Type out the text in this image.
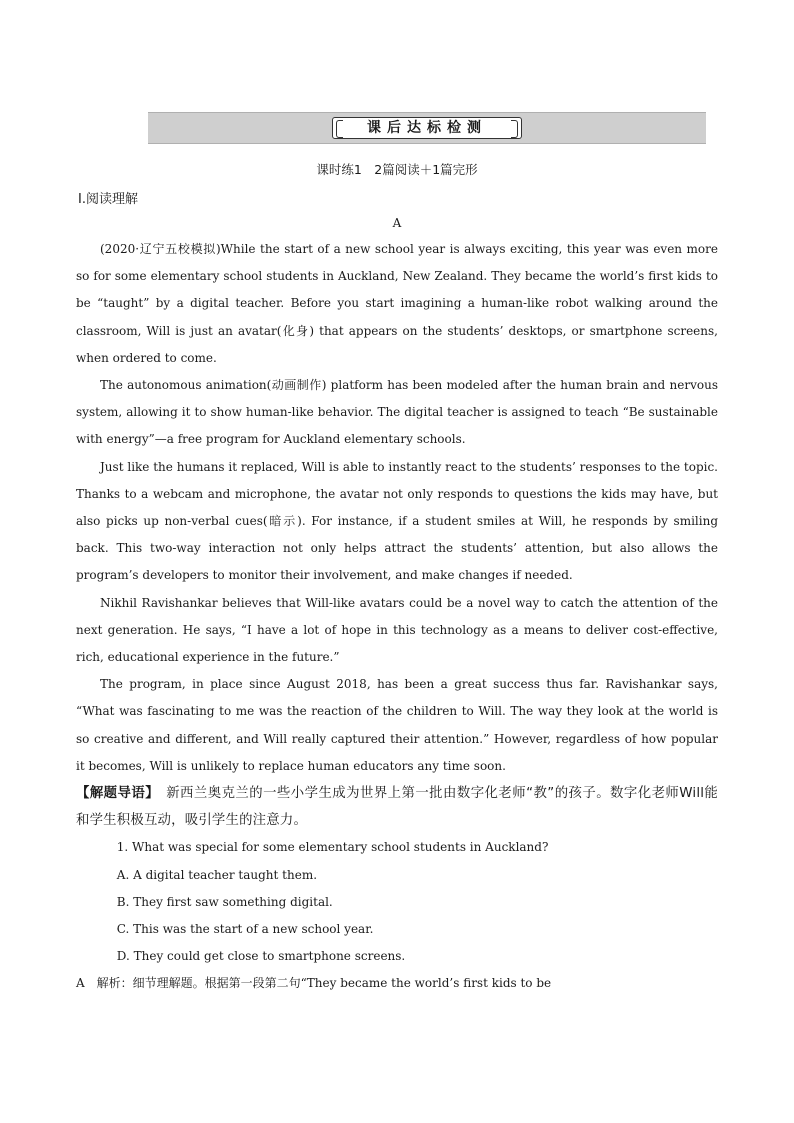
课后达标检测
课时练1　2篇阅读＋1篇完形
Ⅰ.阅读理解
A

(2020·辽宁五校模拟)While the start of a new school year is always exciting, this year was even more so for some elementary school students in Auckland, New Zealand. They became the world’s first kids to be “taught” by a digital teacher. Before you start imagining a human-like robot walking around the classroom, Will is just an avatar(化身) that appears on the students’ desktops, or smartphone screens, when ordered to come.

The autonomous animation(动画制作) platform has been modeled after the human brain and nervous system, allowing it to show human-like behavior. The digital teacher is assigned to teach “Be sustainable with energy”—a free program for Auckland elementary schools.

Just like the humans it replaced, Will is able to instantly react to the students’ responses to the topic. Thanks to a webcam and microphone, the avatar not only responds to questions the kids may have, but also picks up non-verbal cues(暗示). For instance, if a student smiles at Will, he responds by smiling back. This two-way interaction not only helps attract the students’ attention, but also allows the program’s developers to monitor their involvement, and make changes if needed.

Nikhil Ravishankar believes that Will-like avatars could be a novel way to catch the attention of the next generation. He says, “I have a lot of hope in this technology as a means to deliver cost-effective, rich, educational experience in the future.”

The program, in place since August 2018, has been a great success thus far. Ravishankar says, “What was fascinating to me was the reaction of the children to Will. The way they look at the world is so creative and different, and Will really captured their attention.” However, regardless of how popular it becomes, Will is unlikely to replace human educators any time soon.

【解题导语】　新西兰奥克兰的一些小学生成为世界上第一批由数字化老师“教”的孩子。数字化老师Will能和学生积极互动，吸引学生的注意力。

1. What was special for some elementary school students in Auckland?

A. A digital teacher taught them.

B. They first saw something digital.

C. This was the start of a new school year.

D. They could get close to smartphone screens.

A　解析：细节理解题。根据第一段第二句“They became the world’s first kids to be
